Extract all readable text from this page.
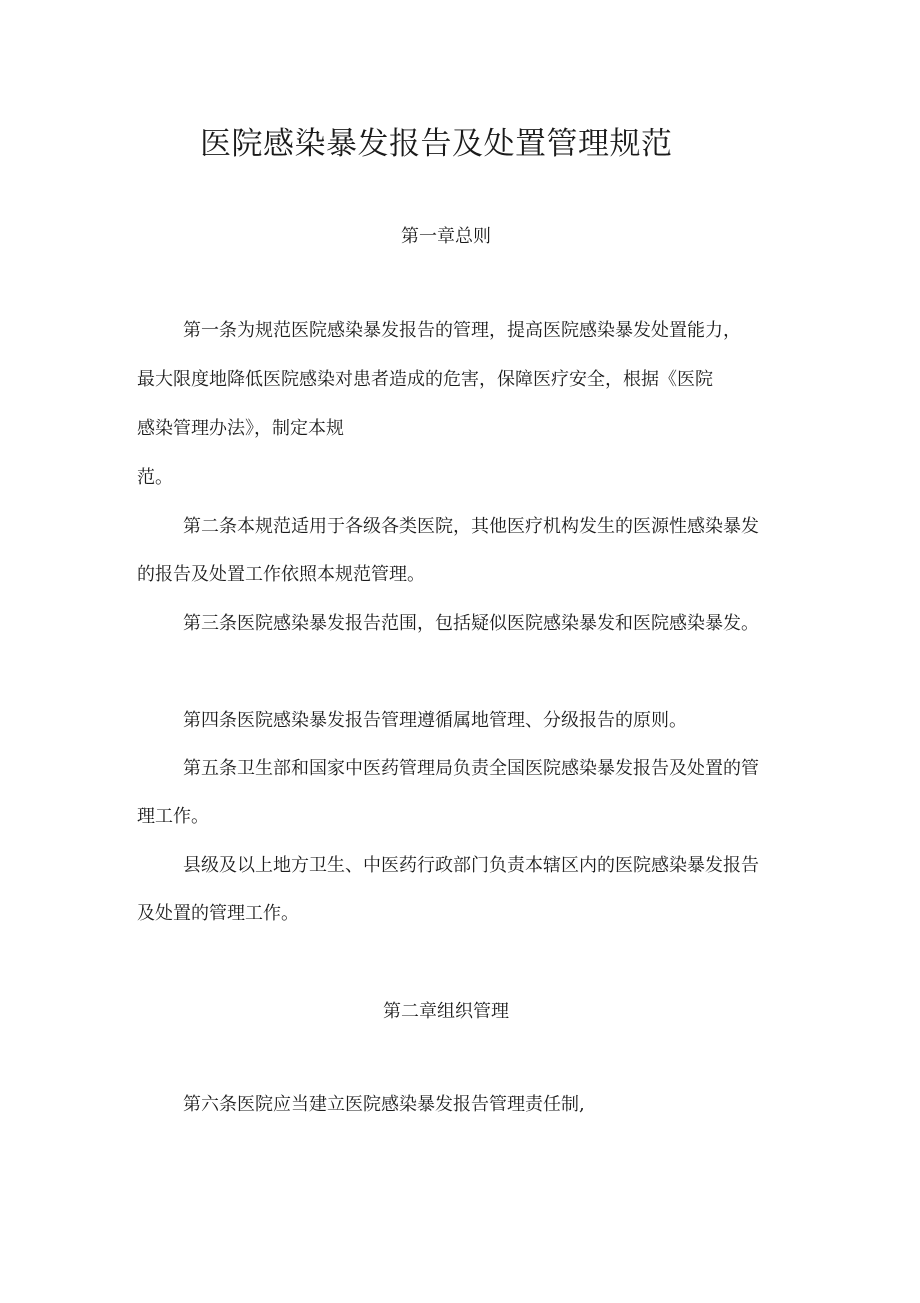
医院感染暴发报告及处置管理规范
第一章总则
第一条为规范医院感染暴发报告的管理，提高医院感染暴发处置能力，
最大限度地降低医院感染对患者造成的危害，保障医疗安全，根据《医院
感染管理办法》，制定本规
范。
第二条本规范适用于各级各类医院，其他医疗机构发生的医源性感染暴发的报告及处置工作依照本规范管理。
第三条医院感染暴发报告范围，包括疑似医院感染暴发和医院感染暴发。
第四条医院感染暴发报告管理遵循属地管理、分级报告的原则。
第五条卫生部和国家中医药管理局负责全国医院感染暴发报告及处置的管理工作。
县级及以上地方卫生、中医药行政部门负责本辖区内的医院感染暴发报告及处置的管理工作。
第二章组织管理
第六条医院应当建立医院感染暴发报告管理责任制,
